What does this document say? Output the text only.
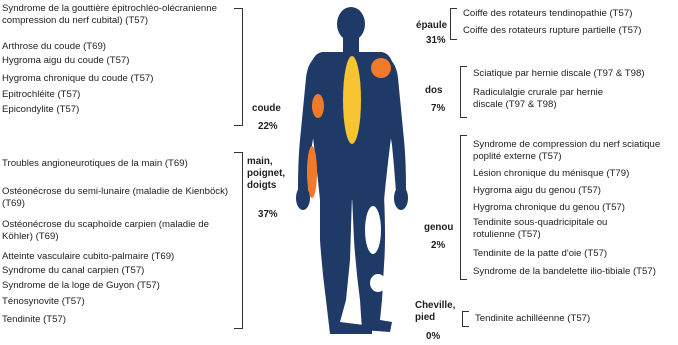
Syndrome de la gouttière épitrochléo-olécranienne compression du nerf cubital) (T57)
Arthrose du coude (T69)
Hygroma aigu du coude (T57)
Hygroma chronique du coude (T57)
Epitrochléite (T57)
Epicondylite (T57)	coude
22%
Troubles angioneurotiques de la main (T69)
Ostéonécrose du semi-lunaire (maladie de Kienböck) (T69)
Ostéonécrose du scaphoïde carpien (maladie de Köhler) (T69)
Atteinte vasculaire cubito-palmaire (T69)
Syndrome du canal carpien (T57)
Syndrome de la loge de Guyon (T57)
Ténosynovite (T57)
Tendinite (T57)
main, poignet, doigts
37%
épaule
31%
Coiffe des rotateurs tendinopathie (T57)
Coiffe des rotateurs rupture partielle (T57)
dos
7%
Sciatique par hernie discale (T97 & T98)
Radiculalgie crurale par hernie discale (T97 & T98)
genou
2%
Syndrome de compression du nerf sciatique poplité externe (T57)
Lésion chronique du ménisque (T79)
Hygroma aigu du genou (T57)
Hygroma chronique du genou (T57)
Tendinite sous-quadricipitale ou rotulienne (T57)
Tendinite de la patte d'oie (T57)
Syndrome de la bandelette ilio-tibiale (T57)
Cheville, pied
0%
Tendinite achilléenne (T57)
